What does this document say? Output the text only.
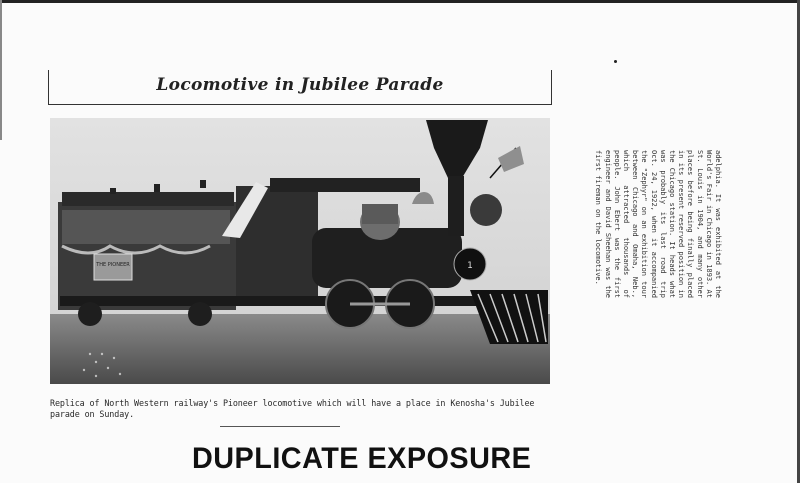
Locomotive in Jubilee Parade
THE PIONEER	1
Replica of North Western railway's Pioneer locomotive which will have a place in Kenosha's Jubilee parade on Sunday.

adelphia. It was exhibited at the World's Fair in Chicago in 1893. At St. Louis in 1904, and many other places before being finally placed in its present reserved position in the Chicago station. It heads what was probably its last road trip Oct. 24, 1922, when it accompanied the "Zephyr" on an exhibition tour between Chicago and Omaha, Neb., which attracted thousands of people. John Ebert was the first engineer and David Sheehan was the first fireman on the locomotive.

DUPLICATE EXPOSURE
